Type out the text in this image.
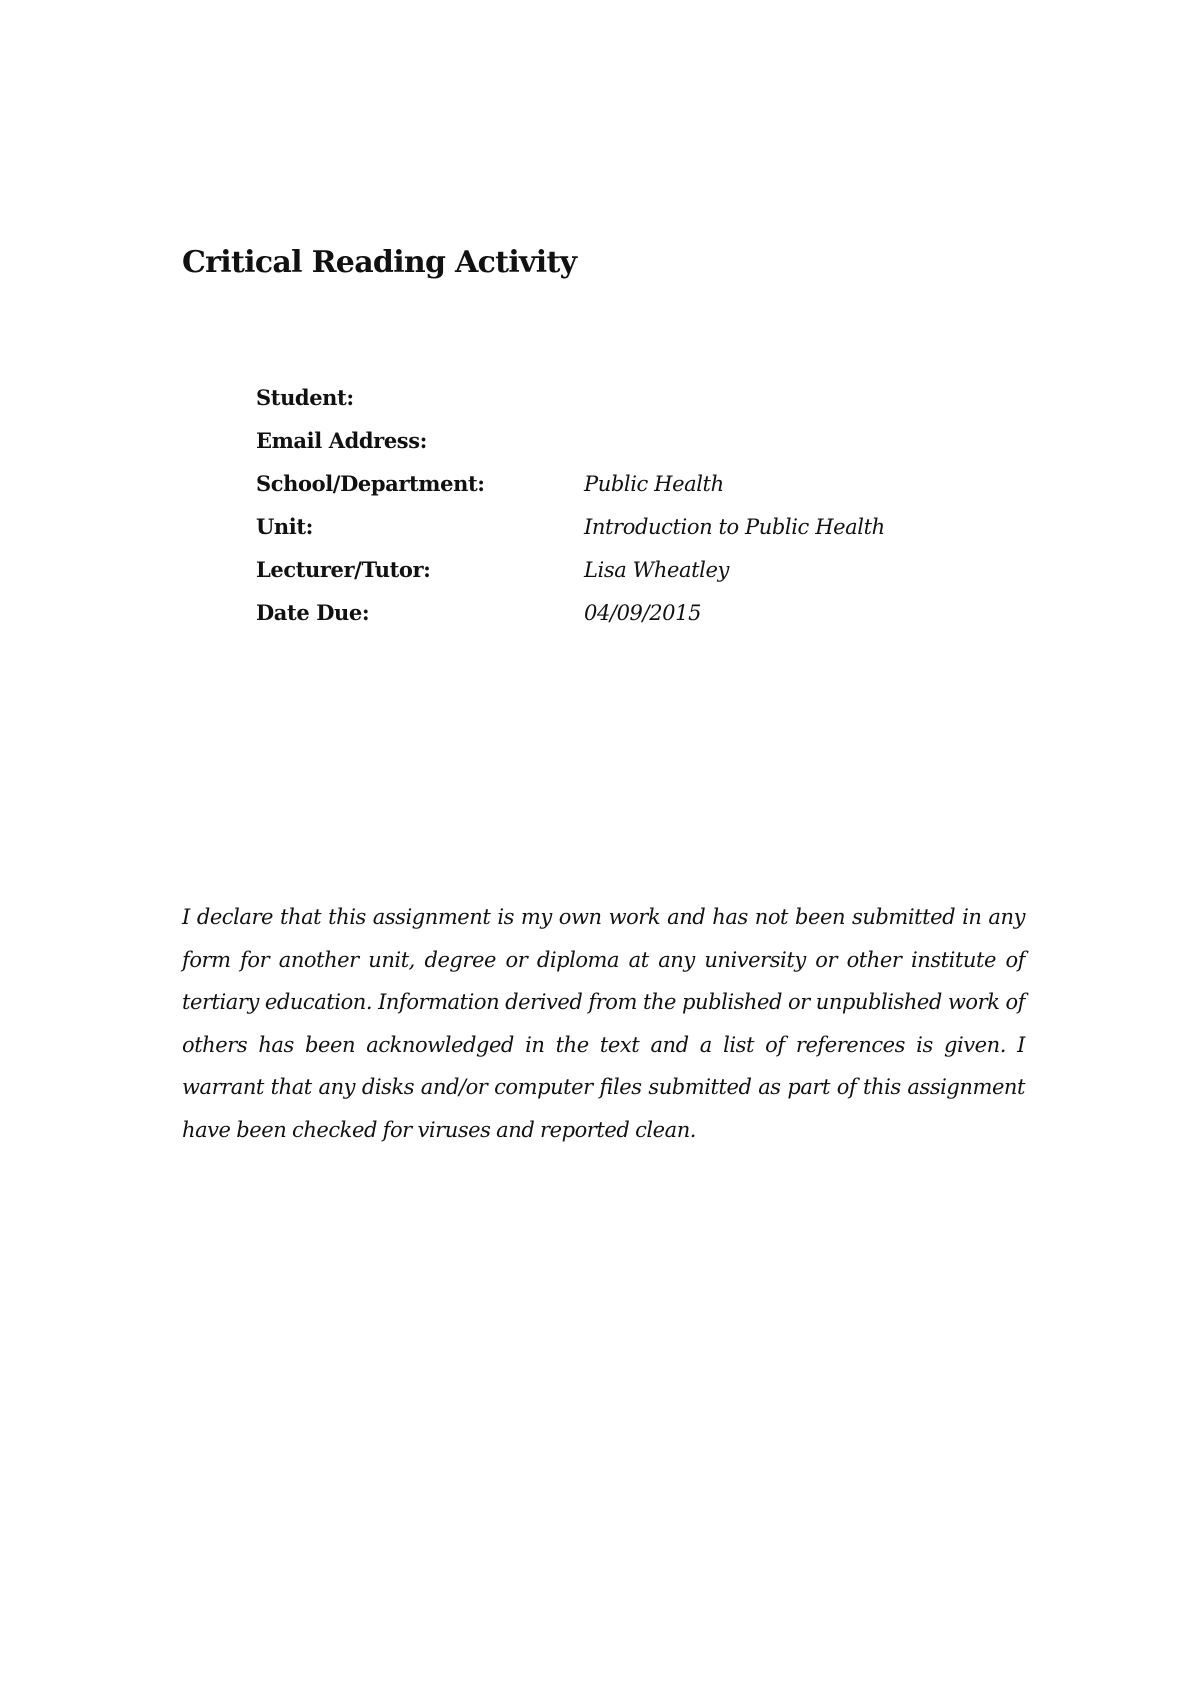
Critical Reading Activity
Student:
Email Address:
School/Department:	Public Health
Unit:	Introduction to Public Health
Lecturer/Tutor:	Lisa Wheatley
Date Due:	04/09/2015

I declare that this assignment is my own work and has not been submitted in any form for another unit, degree or diploma at any university or other institute of tertiary education. Information derived from the published or unpublished work of others has been acknowledged in the text and a list of references is given. I warrant that any disks and/or computer files submitted as part of this assignment have been checked for viruses and reported clean.
